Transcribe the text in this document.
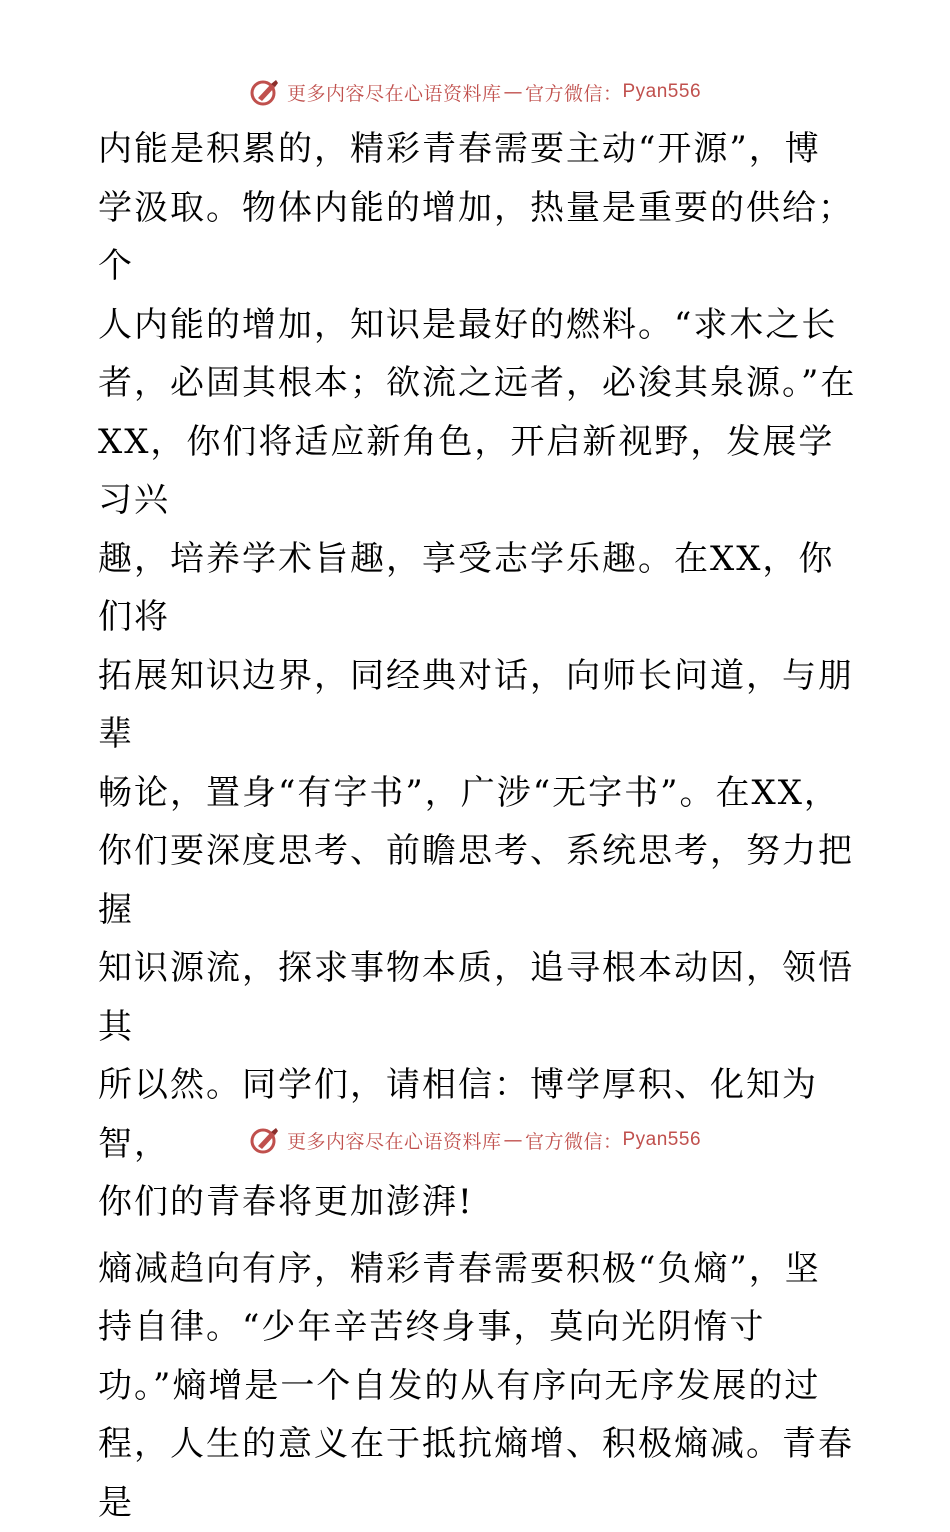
更多内容尽在心语资料库 — 官方微信： Pyan556

内能是积累的，精彩青春需要主动“开源”，博
学汲取。物体内能的增加，热量是重要的供给；个
人内能的增加，知识是最好的燃料。“求木之长
者，必固其根本；欲流之远者，必浚其泉源。”在
XX，你们将适应新角色，开启新视野，发展学习兴
趣，培养学术旨趣，享受志学乐趣。在XX，你们将
拓展知识边界，同经典对话，向师长问道，与朋辈
畅论，置身“有字书”，广涉“无字书”。在XX，
你们要深度思考、前瞻思考、系统思考，努力把握
知识源流，探求事物本质，追寻根本动因，领悟其
所以然。同学们，请相信：博学厚积、化知为智，
你们的青春将更加澎湃!

熵减趋向有序，精彩青春需要积极“负熵”，坚
持自律。“少年辛苦终身事，莫向光阴惰寸
功。”熵增是一个自发的从有序向无序发展的过
程，人生的意义在于抵抗熵增、积极熵减。青春是

更多内容尽在心语资料库 — 官方微信： Pyan556
